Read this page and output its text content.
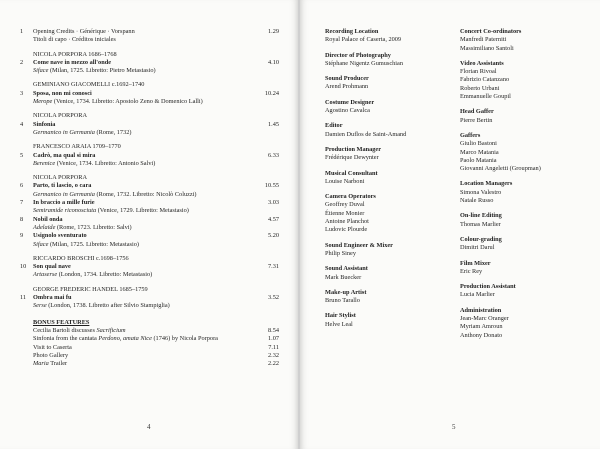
1 Opening Credits · Générique · Vorspann	1.29
Titoli di capo · Créditos iniciales
NICOLA PORPORA 1686–1768
2 Come nave in mezzo all'onde	4.10
Siface (Milan, 1725. Libretto: Pietro Metastasio)
GEMINIANO GIACOMELLI c.1692–1740
3 Sposa, non mi conosci	10.24
Merope (Venice, 1734. Libretto: Apostolo Zeno & Domenico Lalli)
NICOLA PORPORA
4 Sinfonia	1.45
Germanico in Germania (Rome, 1732)
FRANCESCO ARAIA 1709–1770
5 Cadrò, ma qual si mira	6.33
Berenice (Venice, 1734. Libretto: Antonio Salvi)
NICOLA PORPORA
6 Parto, ti lascio, o cara	10.55
Germanico in Germania (Rome, 1732. Libretto: Nicolò Coluzzi)
7 In braccio a mille furie	3.03
Semiramide riconosciuta (Venice, 1729. Libretto: Metastasio)
8 Nobil onda	4.57
Adelaide (Rome, 1723. Libretto: Salvi)
9 Usignolo sventurato	5.20
Siface (Milan, 1725. Libretto: Metastasio)
RICCARDO BROSCHI c.1698–1756
10 Son qual nave	7.31
Artaserse (London, 1734. Libretto: Metastasio)
GEORGE FREDERIC HANDEL 1685–1759
11 Ombra mai fu	3.52
Serse (London, 1738. Libretto after Silvio Stampiglia)
BONUS FEATURES
Cecilia Bartoli discusses Sacrificium	8.54
Sinfonia from the cantata Perdono, amata Nice (1746) by Nicola Porpora	1.07
Visit to Caserta	7.11
Photo Gallery	2.32
Maria Trailer	2.22
4	5
Recording Location
Royal Palace of Caserta, 2009
Director of Photography
Stéphane Nigentz Gumuschian
Sound Producer
Arend Prohmann
Costume Designer
Agostino Cavalca
Editor
Damien Duflos de Saint-Amand
Production Manager
Frédérique Dewynter
Musical Consultant
Louise Narboni
Camera Operators
Geoffrey Duval
Étienne Monier
Antoine Planchot
Ludovic Plourde
Sound Engineer & Mixer
Philip Siney
Sound Assistant
Mark Buecker
Make-up Artist
Bruno Tarallo
Hair Stylist
Helve Leal
Concert Co-ordinators
Manfredi Paterniti
Massimiliano Santoli
Video Assistants
Florian Rivoal
Fabrizio Catanzano
Roberto Urbani
Emmanuelle Goupil
Head Gaffer
Pierre Bertin
Gaffers
Giulio Bastoni
Marco Matania
Paolo Matania
Giovanni Angeletti (Groupman)
Location Managers
Simona Valestro
Natale Russo
On-line Editing
Thomas Marlier
Colour-grading
Dimitri Darul
Film Mixer
Eric Rey
Production Assistant
Lucia Marlier
Administration
Jean-Marc Oranger
Myriam Amroun
Anthony Donato
